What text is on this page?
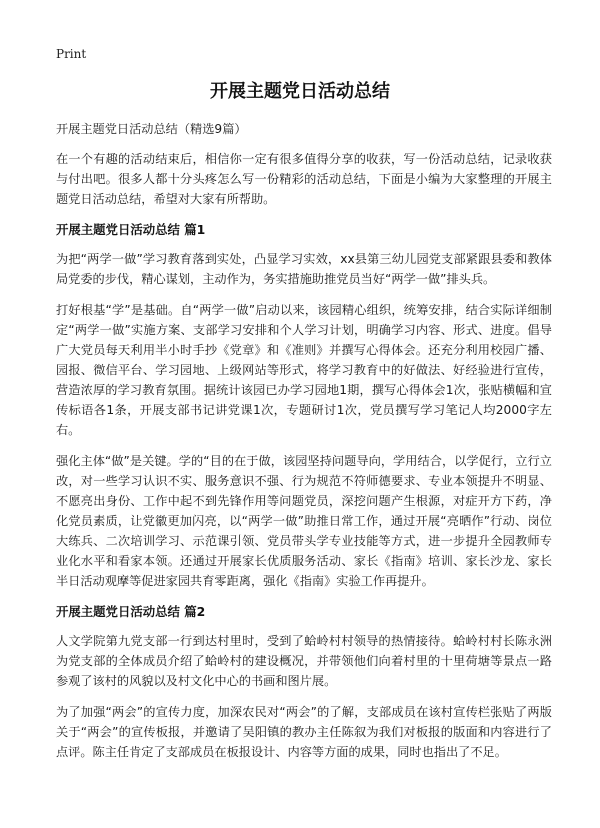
Print
开展主题党日活动总结

开展主题党日活动总结（精选9篇）

在一个有趣的活动结束后，相信你一定有很多值得分享的收获，写一份活动总结，记录收获与付出吧。很多人都十分头疼怎么写一份精彩的活动总结，下面是小编为大家整理的开展主题党日活动总结，希望对大家有所帮助。

开展主题党日活动总结 篇1

为把“两学一做”学习教育落到实处，凸显学习实效，xx县第三幼儿园党支部紧跟县委和教体局党委的步伐，精心谋划，主动作为，务实措施助推党员当好“两学一做”排头兵。

打好根基“学”是基础。自“两学一做”启动以来，该园精心组织，统筹安排，结合实际详细制定“两学一做”实施方案、支部学习安排和个人学习计划，明确学习内容、形式、进度。倡导广大党员每天利用半小时手抄《党章》和《准则》并撰写心得体会。还充分利用校园广播、园报、微信平台、学习园地、上级网站等形式，将学习教育中的好做法、好经验进行宣传，营造浓厚的学习教育氛围。据统计该园已办学习园地1期，撰写心得体会1次，张贴横幅和宣传标语各1条，开展支部书记讲党课1次，专题研讨1次，党员撰写学习笔记人均2000字左右。

强化主体“做”是关键。学的“目的在于做，该园坚持问题导向，学用结合，以学促行，立行立改，对一些学习认识不实、服务意识不强、行为规范不符师德要求、专业本领提升不明显、不愿亮出身份、工作中起不到先锋作用等问题党员，深挖问题产生根源，对症开方下药，净化党员素质，让党徽更加闪亮，以“两学一做”助推日常工作，通过开展“亮晒作”行动、岗位大练兵、二次培训学习、示范课引领、党员带头学专业技能等方式，进一步提升全园教师专业化水平和看家本领。还通过开展家长优质服务活动、家长《指南》培训、家长沙龙、家长半日活动观摩等促进家园共育零距离，强化《指南》实验工作再提升。

开展主题党日活动总结 篇2

人文学院第九党支部一行到达村里时，受到了蛤岭村村领导的热情接待。蛤岭村村长陈永洲为党支部的全体成员介绍了蛤岭村的建设概况，并带领他们向着村里的十里荷塘等景点一路参观了该村的风貌以及村文化中心的书画和图片展。

为了加强“两会”的宣传力度，加深农民对“两会”的了解，支部成员在该村宣传栏张贴了两版关于“两会”的宣传板报，并邀请了吴阳镇的教办主任陈叙为我们对板报的版面和内容进行了点评。陈主任肯定了支部成员在板报设计、内容等方面的成果，同时也指出了不足。
